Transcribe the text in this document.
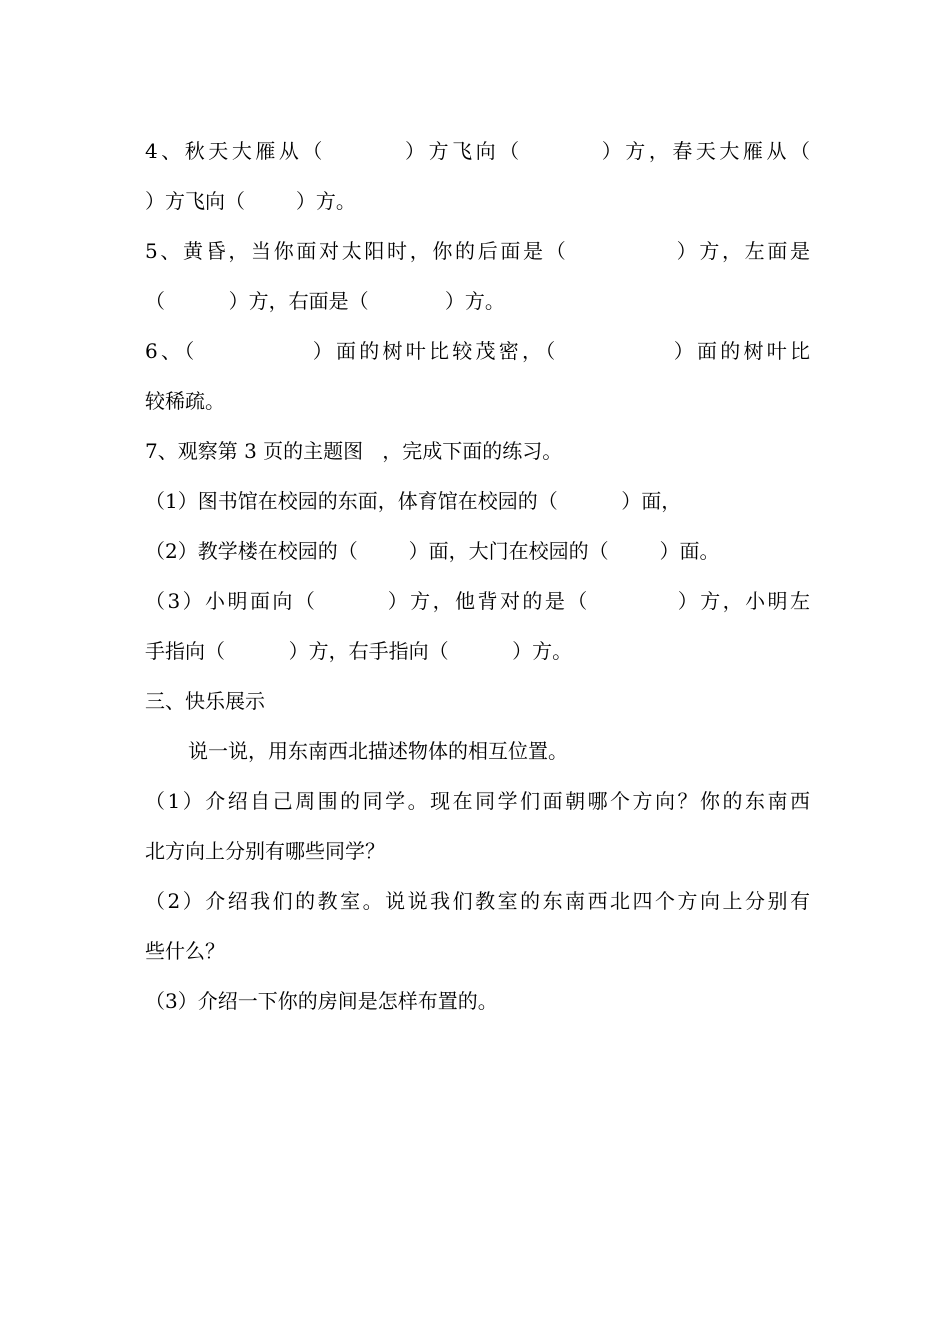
4、秋天大雁从（        ）方飞向（        ）方，春天大雁从（
）方飞向（        ）方。
5、黄昏，当你面对太阳时，你的后面是（            ）方，左面是
（          ）方，右面是（            ）方。
6、（            ）面的树叶比较茂密，（            ）面的树叶比
较稀疏。
7、观察第 3 页的主题图   ，完成下面的练习。
（1）图书馆在校园的东面，体育馆在校园的（          ）面，
（2）教学楼在校园的（        ）面，大门在校园的（        ）面。
（3）小明面向（        ）方，他背对的是（          ）方，小明左
手指向（          ）方，右手指向（          ）方。
三、快乐展示
说一说，用东南西北描述物体的相互位置。
（1）介绍自己周围的同学。现在同学们面朝哪个方向？你的东南西
北方向上分别有哪些同学？
（2）介绍我们的教室。说说我们教室的东南西北四个方向上分别有
些什么？
（3）介绍一下你的房间是怎样布置的。
